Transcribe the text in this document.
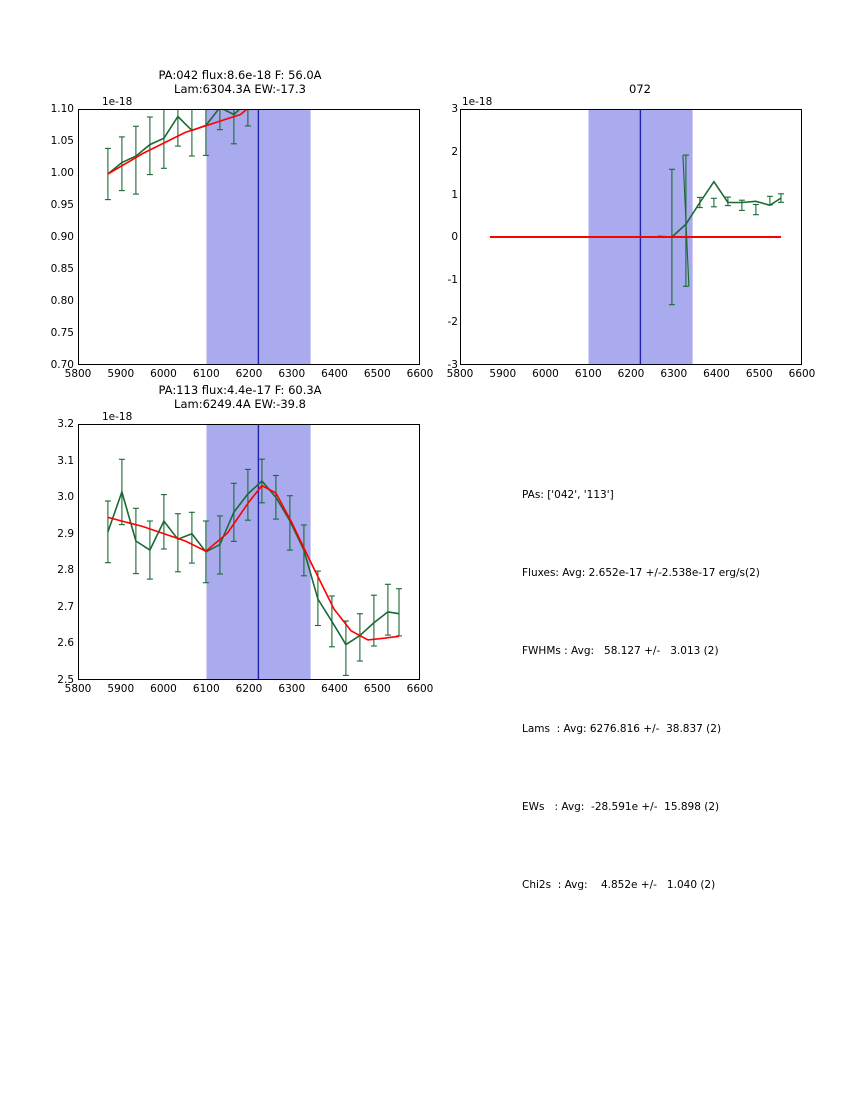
PA:042 flux:8.6e-18 F: 56.0A
Lam:6304.3A EW:-17.3
1e-18
0.70
0.75
0.80
0.85
0.90
0.95
1.00
1.05
1.10
5800 5900 6000 6100 6200 6300 6400 6500 6600
072
1e-18
-3
-2
-1
0
1
2
3
5800 5900 6000 6100 6200 6300 6400 6500 6600
PA:113 flux:4.4e-17 F: 60.3A
Lam:6249.4A EW:-39.8
1e-18
2.5
2.6
2.7
2.8
2.9
3.0
3.1
3.2
5800 5900 6000 6100 6200 6300 6400 6500 6600

PAs: ['042', '113']

Fluxes: Avg: 2.652e-17 +/-2.538e-17 erg/s(2)

FWHMs : Avg:   58.127 +/-   3.013 (2)

Lams  : Avg: 6276.816 +/-  38.837 (2)

EWs   : Avg:  -28.591e +/-  15.898 (2)

Chi2s  : Avg:    4.852e +/-   1.040 (2)
